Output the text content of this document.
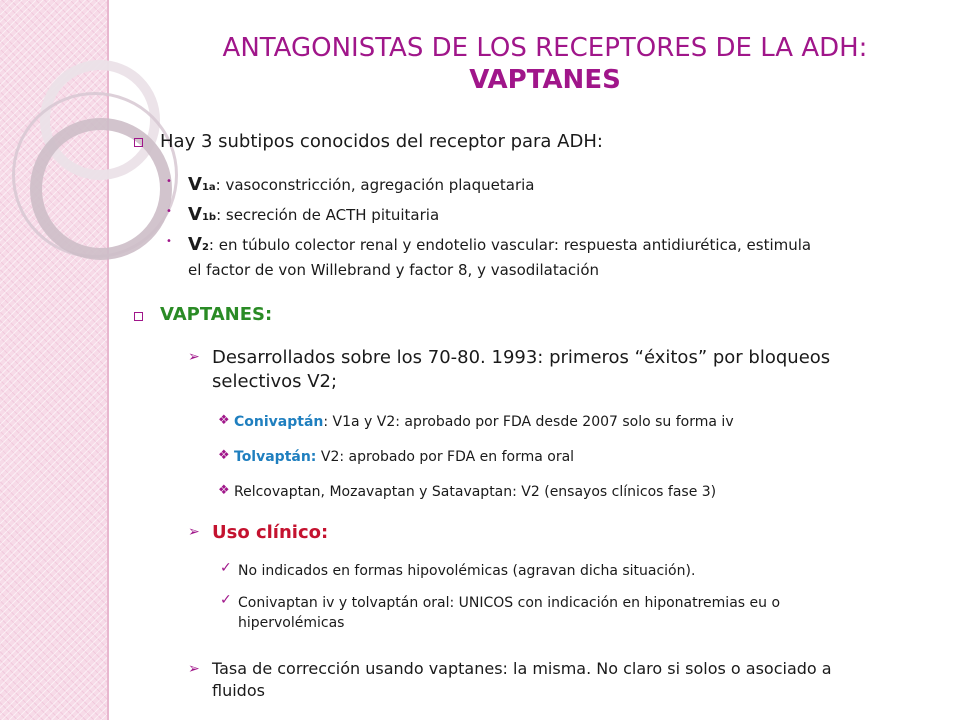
ANTAGONISTAS DE LOS RECEPTORES DE LA ADH:
VAPTANES
Hay 3 subtipos conocidos del receptor para ADH:
• V1a: vasoconstricción, agregación plaquetaria
• V1b: secreción de ACTH pituitaria
• V2: en túbulo colector renal y endotelio vascular: respuesta antidiurética, estimula
el factor de von Willebrand y factor 8, y vasodilatación
VAPTANES:
➢ Desarrollados sobre los 70-80. 1993: primeros “éxitos” por bloqueos
selectivos V2;
❖ Conivaptán: V1a y V2: aprobado por FDA desde 2007 solo su forma iv
❖ Tolvaptán: V2: aprobado por FDA en forma oral
❖ Relcovaptan, Mozavaptan y Satavaptan: V2 (ensayos clínicos fase 3)
➢ Uso clínico:
✓ No indicados en formas hipovolémicas (agravan dicha situación).
✓ Conivaptan iv y tolvaptán oral: UNICOS con indicación en hiponatremias eu o
hipervolémicas
➢ Tasa de corrección usando vaptanes: la misma. No claro si solos o asociado a
fluidos
